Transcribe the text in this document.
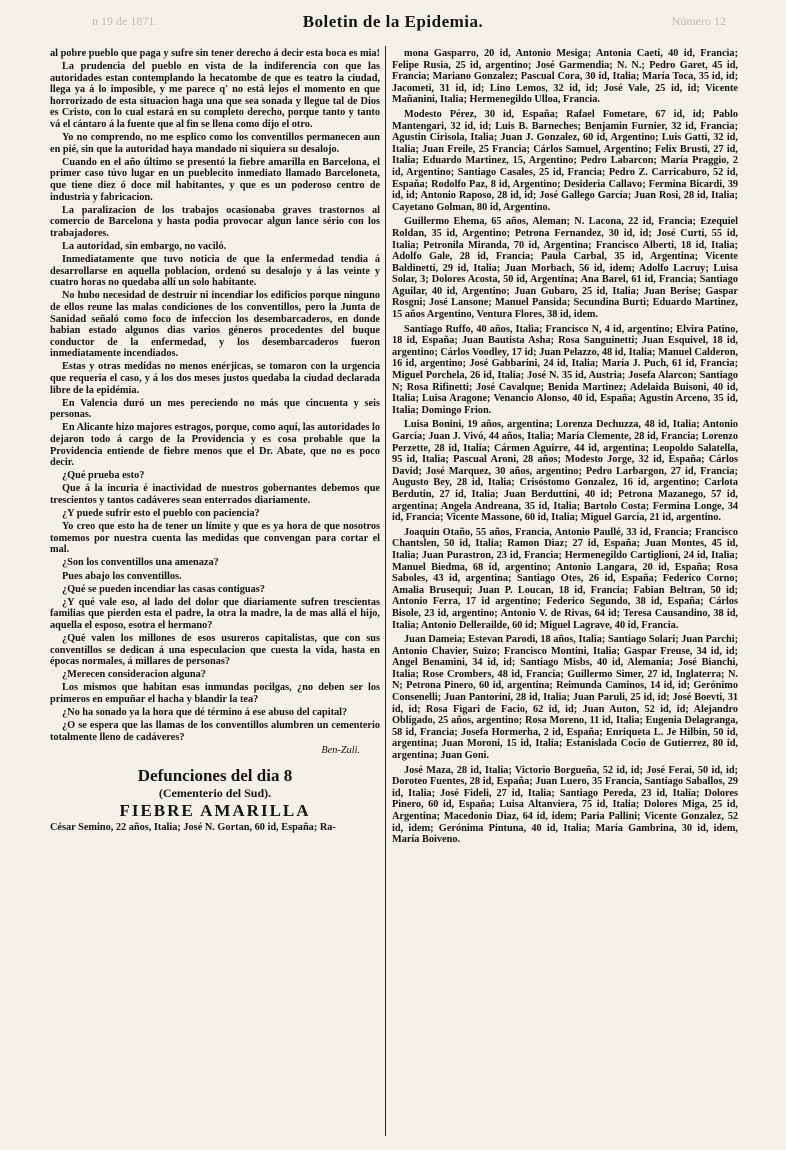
n 19 de 1871.	Boletin de la Epidemia.	Número 12

al pobre pueblo que paga y sufre sin tener derecho á decir esta boca es mia!

La prudencia del pueblo en vista de la indiferencia con que las autoridades estan contemplando la hecatombe de que es teatro la ciudad, llega ya á lo imposible, y me parece q' no está lejos el momento en que horrorizado de esta situacion haga una que sea sonada y llegue tal de Dios es Cristo, con lo cual estará en su completo derecho, porque tanto y tanto vá el cántaro á la fuente que al fin se llena como dijo el otro.

Yo no comprendo, no me esplico como los conventillos permanecen aun en pié, sin que la autoridad haya mandado ni siquiera su desalojo.

Cuando en el año último se presentó la fiebre amarilla en Barcelona, el primer caso túvo lugar en un pueblecito inmediato llamado Barceloneta, que tiene diez ó doce mil habitantes, y que es un poderoso centro de industria y fabricacion.

La paralizacion de los trabajos ocasionaba graves trastornos al comercio de Barcelona y hasta podia provocar algun lance sério con los trabajadores.

La autoridad, sin embargo, no vaciló.

Inmediatamente que tuvo noticia de que la enfermedad tendia á desarrollarse en aquella poblacion, ordenó su desalojo y á las veinte y cuatro horas no quedaba allí un solo habitante.

No hubo necesidad de destruir ni incendiar los edificios porque ninguno de ellos reune las malas condiciones de los conventillos, pero la Junta de Sanidad señaló como foco de infeccion los desembarcaderos, en donde habian estado algunos dias varios géneros procedentes del buque conductor de la enfermedad, y los desembarcaderos fueron inmediatamente incendiados.

Estas y otras medidas no menos enérjicas, se tomaron con la urgencia que requeria el caso, y á los dos meses justos quedaba la ciudad declarada libre de la epidémia.

En Valencia duró un mes pereciendo no más que cincuenta y seis personas.

En Alicante hizo majores estragos, porque, como aquí, las autoridades lo dejaron todo á cargo de la Providencia y es cosa probable que la Providencia entiende de fiebre menos que el Dr. Abate, que no es poco decir.

¿Qué prueba esto?

Que á la incuria é inactividad de nuestros gobernantes debemos que trescientos y tantos cadáveres sean enterrados diariamente.

¿Y puede sufrir esto el pueblo con paciencia?

Yo creo que esto ha de tener un límite y que es ya hora de que nosotros tomemos por nuestra cuenta las medidas que convengan para cortar el mal.

¿Son los conventillos una amenaza?

Pues abajo los conventillos.

¿Qué se pueden incendiar las casas contiguas?

¿Y qué vale eso, al lado del dolor que diariamente sufren trescientas familias que pierden esta el padre, la otra la madre, la de mas allá el hijo, aquella el esposo, esotra el hermano?

¿Qué valen los millones de esos usureros capitalistas, que con sus conventillos se dedican á una especulacion que cuesta la vida, hasta en épocas normales, á millares de personas?

¿Merecen consideracion alguna?

Los mismos que habitan esas inmundas pocilgas, ¿no deben ser los primeros en empuñar el hacha y blandir la tea?

¿No ha sonado ya la hora que dé término á ese abuso del capital?

¿O se espera que las llamas de los conventillos alumbren un cementerio totalmente lleno de cadáveres?

Ben-Zuli.

Defunciones del dia 8
(Cementerio del Sud).
FIEBRE AMARILLA

César Semino, 22 años, Italia; José N. Gortan, 60 id, España; Ra-

mona Gasparro, 20 id, Antonio Mesiga; Antonia Caeti, 40 id, Francia; Felipe Rusia, 25 id, argentino; José Garmendia; N. N.; Pedro Garet, 45 id, Francia; Mariano Gonzalez; Pascual Cora, 30 id, Italia; María Toca, 35 id, id; Jacometi, 31 id, id; Lino Lemos, 32 id, id; José Vale, 25 id, id; Vicente Mañanini, Italia; Hermenegildo Ulloa, Francia.

Modesto Pérez, 30 id, España; Rafael Fometare, 67 id, id; Pablo Mantengari, 32 id, id; Luis B. Barneches; Benjamin Furnier, 32 id, Francia; Agustin Cirisola, Italia; Juan J. Gonzalez, 60 id, Argentino; Luis Gatti, 32 id, Italia; Juan Freile, 25 Francia; Cárlos Samuel, Argentino; Felix Brusti, 27 id, Italia; Eduardo Martinez, 15, Argentino; Pedro Labarcon; María Praggio, 2 id, Argentino; Santiago Casales, 25 id, Francia; Pedro Z. Carricaburo, 52 id, España; Rodolfo Paz, 8 id, Argentino; Desideria Callavo; Fermina Bicardi, 39 id, id; Antonio Raposo, 28 id, id; José Gallego García; Juan Rosi, 28 id, Italia; Cayetano Golman, 80 id, Argentino.

Guillermo Ehema, 65 años, Aleman; N. Lacona, 22 id, Francia; Ezequiel Roldan, 35 id, Argentino; Petrona Fernandez, 30 id, id; José Curti, 55 id, Italia; Petronila Miranda, 70 id, Argentina; Francisco Alberti, 18 id, Italia; Adolfo Gale, 28 id, Francia; Paula Carbal, 35 id, Argentina; Vicente Baldinetti, 29 id, Italia; Juan Morbach, 56 id, idem; Adolfo Lacruy; Luisa Solar, 3; Dolores Acosta, 50 id, Argentina; Ana Barel, 61 id, Francia; Santiago Aguilar, 40 id, Argentino; Juan Gubaro, 25 id, Italia; Juan Berise; Gaspar Rosgni; José Lansone; Manuel Pansida; Secundina Burti; Eduardo Martinez, 15 años Argentino, Ventura Flores, 38 id, idem.

Santiago Ruffo, 40 años, Italia; Francisco N, 4 id, argentino; Elvira Patino, 18 id, España; Juan Bautista Asha; Rosa Sanguinetti; Juan Esquivel, 18 id, argentino; Cárlos Voodley, 17 id; Juan Pelazzo, 48 id, Italia; Manuel Calderon, 16 id, argentino; José Gabbarini, 24 id, Italia; María J. Puch, 61 id, Francia; Miguel Porchela, 26 id, Italia; José N. 35 id, Austria; Josefa Alarcon; Santiago N; Rosa Rifinetti; José Cavalque; Benida Martinez; Adelaida Buisoni, 40 id, Italia; Luisa Aragone; Venancio Alonso, 40 id, España; Agustin Arceno, 35 id, Italia; Domingo Frion.

Luisa Bonini, 19 años, argentina; Lorenza Dechuzza, 48 id, Italia; Antonio García; Juan J. Vivó, 44 años, Italia; María Clemente, 28 id, Francia; Lorenzo Perzette, 28 id, Italia; Cármen Aguirre, 44 id, argentina; Leopoldo Salatella, 95 id, Italia; Pascual Aroni, 28 años; Modesto Jorge, 32 id, España; Cárlos David; José Marquez, 30 años, argentino; Pedro Larbargon, 27 id, Francia; Augusto Bey, 28 id, Italia; Crisóstomo Gonzalez, 16 id, argentino; Carlota Berdutin, 27 id, Italia; Juan Berduttini, 40 id; Petrona Mazanego, 57 id, argentina; Angela Andreana, 35 id, Italia; Bartolo Costa; Fermina Longe, 34 id, Francia; Vicente Massone, 60 id, Italia; Miguel García, 21 id, argentino.

Joaquin Otaño, 55 años, Francia, Antonio Paullé, 33 id, Francia; Francisco Chantslen, 50 id, Italia; Ramon Diaz; 27 id, España; Juan Montes, 45 id, Italia; Juan Purastron, 23 id, Francia; Hermenegildo Cartiglioni, 24 id, Italia; Manuel Biedma, 68 id, argentino; Antonio Langara, 20 id, España; Rosa Saboles, 43 id, argentina; Santiago Otes, 26 id, España; Federico Corno; Amalia Brusequi; Juan P. Loucan, 18 id, Francia; Fabian Beltran, 50 id; Antonio Ferra, 17 id argentino; Federico Segundo, 38 id, España; Cárlos Bisole, 23 id, argentino; Antonio V. de Rivas, 64 id; Teresa Causandino, 38 id, Italia; Antonio Dellerailde, 60 id; Miguel Lagrave, 40 id, Francia.

Juan Dameia; Estevan Parodi, 18 años, Italia; Santiago Solari; Juan Parchi; Antonio Chavier, Suizo; Francisco Montini, Italia; Gaspar Freuse, 34 id, id; Angel Benamini, 34 id, id; Santiago Misbs, 40 id, Alemania; José Bianchi, Italia; Rose Crombers, 48 id, Francia; Guillermo Simer, 27 id, Inglaterra; N. N; Petrona Pinero, 60 id, argentina; Reimunda Caminos, 14 id, id; Gerónimo Consenelli; Juan Pantorini, 28 id, Italia; Juan Paruli, 25 id, id; José Boevti, 31 id, id; Rosa Figari de Facio, 62 id, id; Juan Auton, 52 id, id; Alejandro Obligado, 25 años, argentino; Rosa Moreno, 11 id, Italia; Eugenia Delagranga, 58 id, Francia; Josefa Hormerha, 2 id, España; Enriqueta L. Je Hilbin, 50 id, argentina; Juan Moroni, 15 id, Italia; Estanislada Cocio de Gutierrez, 80 id, argentina; Juan Goni.

José Maza, 28 id, Italia; Victorio Borgueña, 52 id, id; José Ferai, 50 id, id; Doroteo Fuentes, 28 id, España; Juan Luero, 35 Francia, Santiago Saballos, 29 id, Italia; José Fideli, 27 id, Italia; Santiago Pereda, 23 id, Italia; Dolores Pinero, 60 id, España; Luisa Altanviera, 75 id, Italia; Dolores Miga, 25 id, Argentina; Macedonio Diaz, 64 id, idem; Paria Pallini; Vicente Gonzalez, 52 id, idem; Gerónima Pintuna, 40 id, Italia; María Gambrina, 30 id, idem, María Boiveno.
